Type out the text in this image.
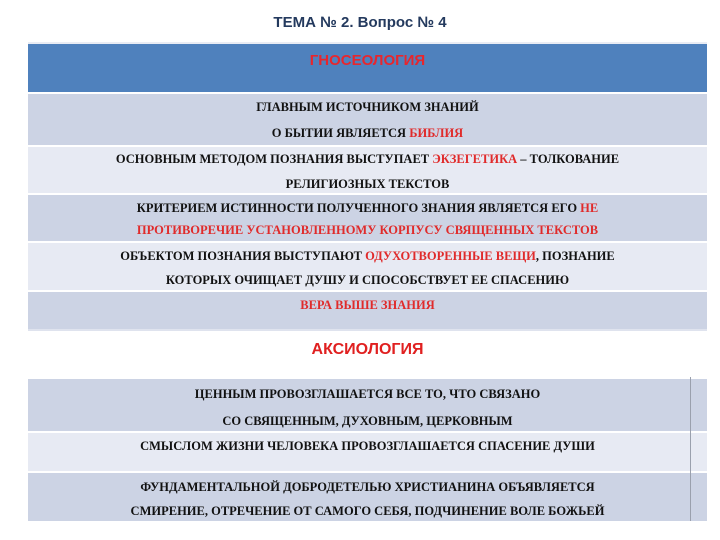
ТЕМА № 2. Вопрос № 4
ГНОСЕОЛОГИЯ
ГЛАВНЫМ ИСТОЧНИКОМ ЗНАНИЙ
О БЫТИИ ЯВЛЯЕТСЯ БИБЛИЯ
ОСНОВНЫМ МЕТОДОМ ПОЗНАНИЯ ВЫСТУПАЕТ ЭКЗЕГЕТИКА – ТОЛКОВАНИЕ
РЕЛИГИОЗНЫХ ТЕКСТОВ
КРИТЕРИЕМ ИСТИННОСТИ ПОЛУЧЕННОГО ЗНАНИЯ ЯВЛЯЕТСЯ ЕГО НЕ
ПРОТИВОРЕЧИЕ УСТАНОВЛЕННОМУ КОРПУСУ СВЯЩЕННЫХ ТЕКСТОВ
ОБЪЕКТОМ ПОЗНАНИЯ ВЫСТУПАЮТ ОДУХОТВОРЕННЫЕ ВЕЩИ, ПОЗНАНИЕ
КОТОРЫХ ОЧИЩАЕТ ДУШУ И СПОСОБСТВУЕТ ЕЕ СПАСЕНИЮ
ВЕРА ВЫШЕ ЗНАНИЯ
АКСИОЛОГИЯ
ЦЕННЫМ ПРОВОЗГЛАШАЕТСЯ ВСЕ ТО, ЧТО СВЯЗАНО
СО СВЯЩЕННЫМ, ДУХОВНЫМ, ЦЕРКОВНЫМ
СМЫСЛОМ ЖИЗНИ ЧЕЛОВЕКА ПРОВОЗГЛАШАЕТСЯ СПАСЕНИЕ ДУШИ
ФУНДАМЕНТАЛЬНОЙ ДОБРОДЕТЕЛЬЮ ХРИСТИАНИНА ОБЪЯВЛЯЕТСЯ
СМИРЕНИЕ, ОТРЕЧЕНИЕ ОТ САМОГО СЕБЯ, ПОДЧИНЕНИЕ ВОЛЕ БОЖЬЕЙ
